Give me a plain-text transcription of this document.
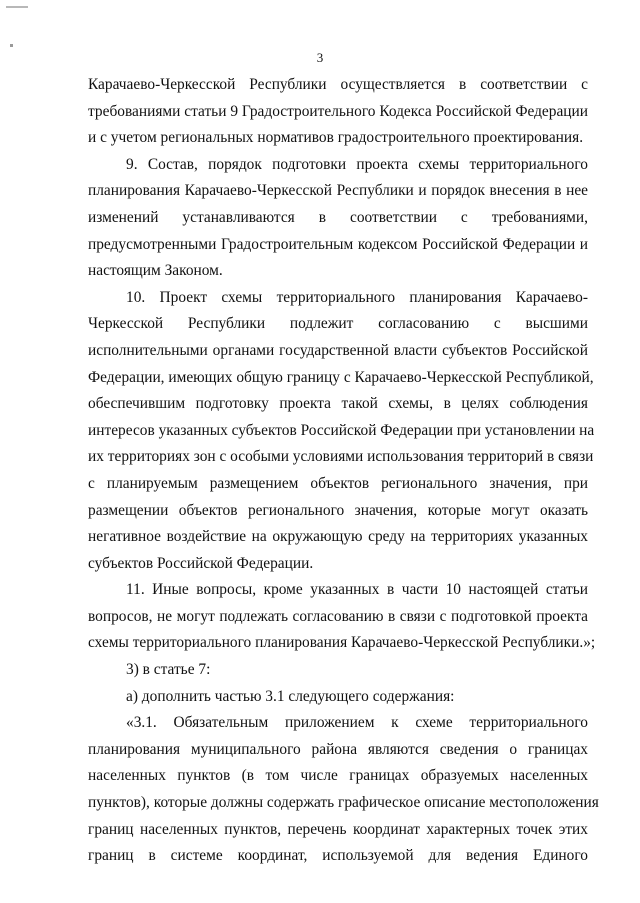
3

Карачаево-Черкесской Республики осуществляется в соответствии с
требованиями статьи 9 Градостроительного Кодекса Российской Федерации
и с учетом региональных нормативов градостроительного проектирования.

9. Состав, порядок подготовки проекта схемы территориального
планирования Карачаево-Черкесской Республики и порядок внесения в нее
изменений устанавливаются в соответствии с требованиями,
предусмотренными Градостроительным кодексом Российской Федерации и
настоящим Законом.

10. Проект схемы территориального планирования Карачаево-
Черкесской Республики подлежит согласованию с высшими
исполнительными органами государственной власти субъектов Российской
Федерации, имеющих общую границу с Карачаево-Черкесской Республикой,
обеспечившим подготовку проекта такой схемы, в целях соблюдения
интересов указанных субъектов Российской Федерации при установлении на
их территориях зон с особыми условиями использования территорий в связи
с планируемым размещением объектов регионального значения, при
размещении объектов регионального значения, которые могут оказать
негативное воздействие на окружающую среду на территориях указанных
субъектов Российской Федерации.

11. Иные вопросы, кроме указанных в части 10 настоящей статьи
вопросов, не могут подлежать согласованию в связи с подготовкой проекта
схемы территориального планирования Карачаево-Черкесской Республики.»;

3) в статье 7:

а) дополнить частью 3.1 следующего содержания:

«3.1. Обязательным приложением к схеме территориального
планирования муниципального района являются сведения о границах
населенных пунктов (в том числе границах образуемых населенных
пунктов), которые должны содержать графическое описание местоположения
границ населенных пунктов, перечень координат характерных точек этих
границ в системе координат, используемой для ведения Единого
